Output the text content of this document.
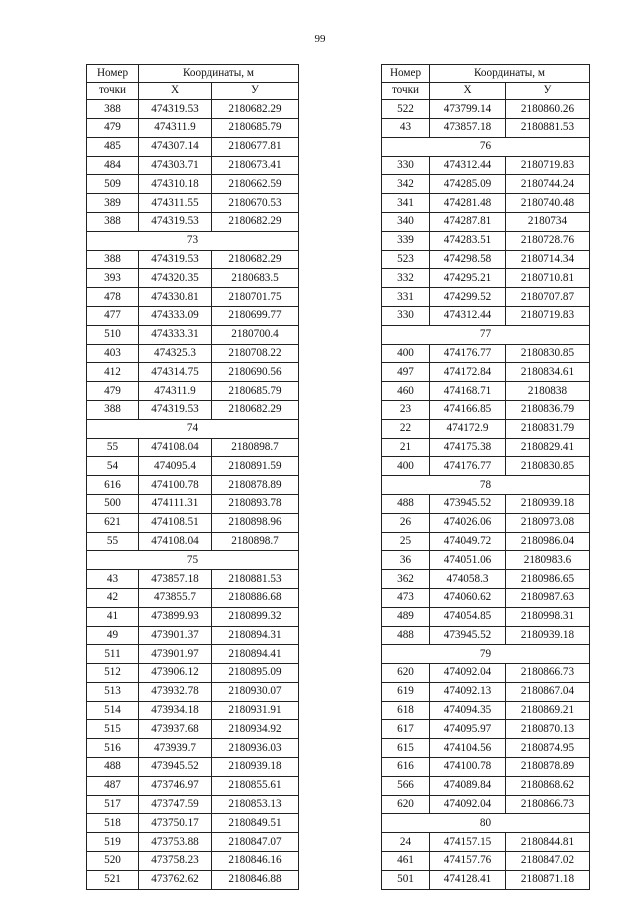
99
Номер	Координаты, м	
точки	X	У
388	474319.53	2180682.29
479	474311.9	2180685.79
485	474307.14	2180677.81
484	474303.71	2180673.41
509	474310.18	2180662.59
389	474311.55	2180670.53
388	474319.53	2180682.29
73		
388	474319.53	2180682.29
393	474320.35	2180683.5
478	474330.81	2180701.75
477	474333.09	2180699.77
510	474333.31	2180700.4
403	474325.3	2180708.22
412	474314.75	2180690.56
479	474311.9	2180685.79
388	474319.53	2180682.29
74		
55	474108.04	2180898.7
54	474095.4	2180891.59
616	474100.78	2180878.89
500	474111.31	2180893.78
621	474108.51	2180898.96
55	474108.04	2180898.7
75		
43	473857.18	2180881.53
42	473855.7	2180886.68
41	473899.93	2180899.32
49	473901.37	2180894.31
511	473901.97	2180894.41
512	473906.12	2180895.09
513	473932.78	2180930.07
514	473934.18	2180931.91
515	473937.68	2180934.92
516	473939.7	2180936.03
488	473945.52	2180939.18
487	473746.97	2180855.61
517	473747.59	2180853.13
518	473750.17	2180849.51
519	473753.88	2180847.07
520	473758.23	2180846.16
521	473762.62	2180846.88
Номер	Координаты, м	
точки	X	У
522	473799.14	2180860.26
43	473857.18	2180881.53
76		
330	474312.44	2180719.83
342	474285.09	2180744.24
341	474281.48	2180740.48
340	474287.81	2180734
339	474283.51	2180728.76
523	474298.58	2180714.34
332	474295.21	2180710.81
331	474299.52	2180707.87
330	474312.44	2180719.83
77		
400	474176.77	2180830.85
497	474172.84	2180834.61
460	474168.71	2180838
23	474166.85	2180836.79
22	474172.9	2180831.79
21	474175.38	2180829.41
400	474176.77	2180830.85
78		
488	473945.52	2180939.18
26	474026.06	2180973.08
25	474049.72	2180986.04
36	474051.06	2180983.6
362	474058.3	2180986.65
473	474060.62	2180987.63
489	474054.85	2180998.31
488	473945.52	2180939.18
79		
620	474092.04	2180866.73
619	474092.13	2180867.04
618	474094.35	2180869.21
617	474095.97	2180870.13
615	474104.56	2180874.95
616	474100.78	2180878.89
566	474089.84	2180868.62
620	474092.04	2180866.73
80		
24	474157.15	2180844.81
461	474157.76	2180847.02
501	474128.41	2180871.18
